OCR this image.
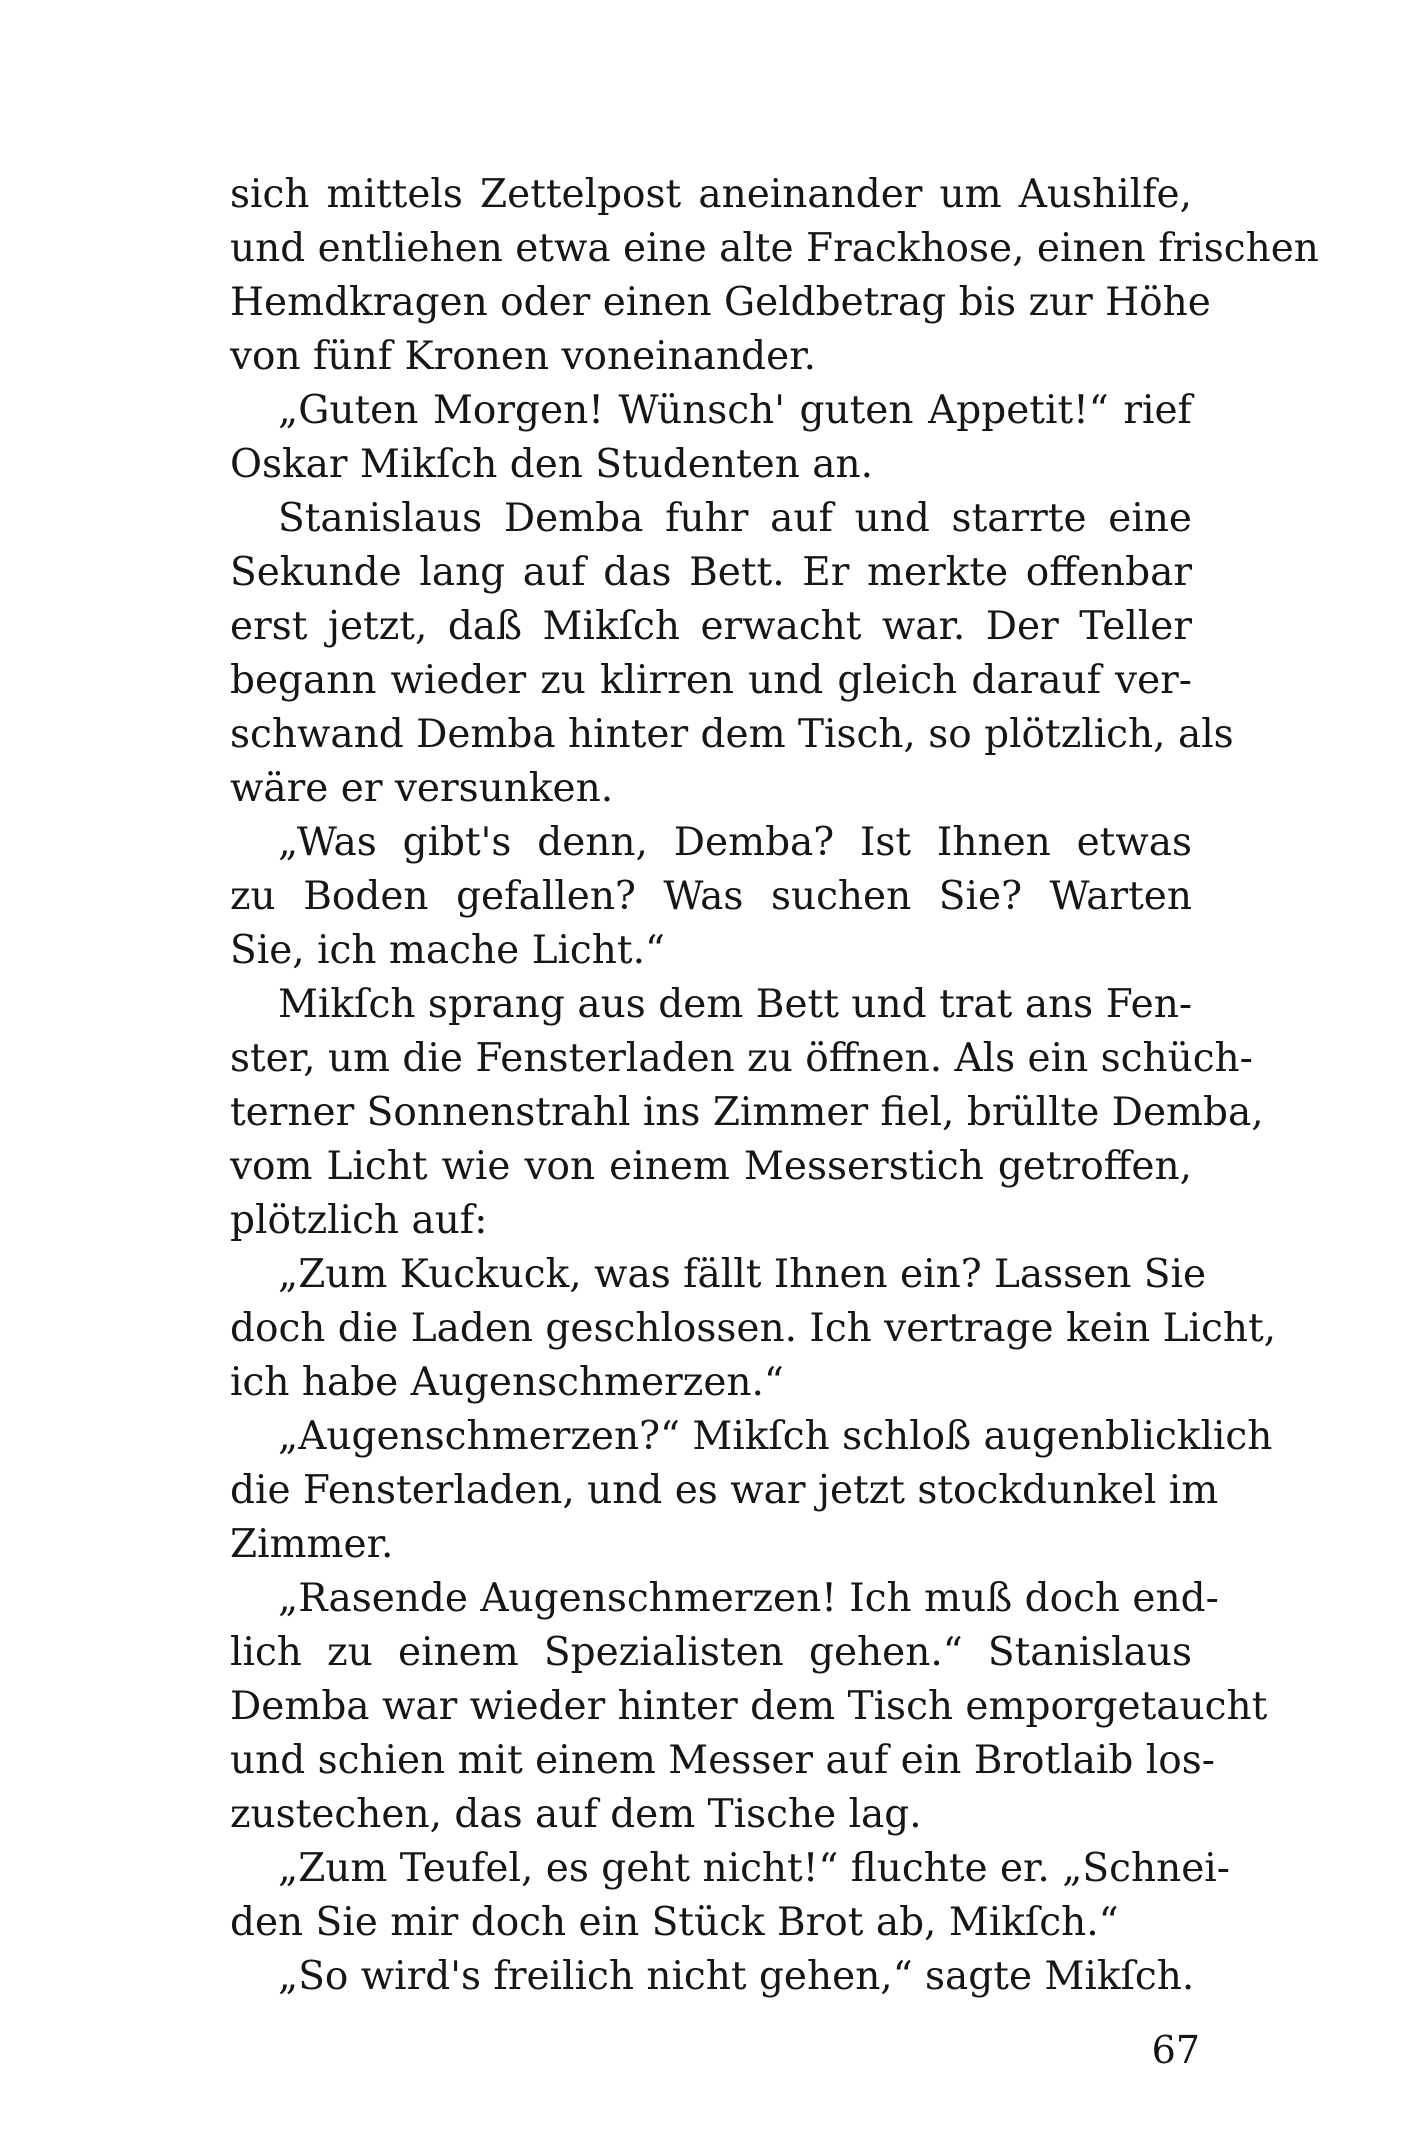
sich mittels Zettelpost aneinander um Aushilfe,
und entliehen etwa eine alte Frackhose, einen frischen
Hemdkragen oder einen Geldbetrag bis zur Höhe
von fünf Kronen voneinander.
„Guten Morgen! Wünsch' guten Appetit!“ rief
Oskar Mikſch den Studenten an.
Stanislaus Demba fuhr auf und starrte eine
Sekunde lang auf das Bett. Er merkte offenbar
erst jetzt, daß Mikſch erwacht war. Der Teller
begann wieder zu klirren und gleich darauf ver-
schwand Demba hinter dem Tisch, so plötzlich, als
wäre er versunken.
„Was gibt's denn, Demba? Ist Ihnen etwas
zu Boden gefallen? Was suchen Sie? Warten
Sie, ich mache Licht.“
Mikſch sprang aus dem Bett und trat ans Fen-
ster, um die Fensterladen zu öffnen. Als ein schüch-
terner Sonnenstrahl ins Zimmer fiel, brüllte Demba,
vom Licht wie von einem Messerstich getroffen,
plötzlich auf:
„Zum Kuckuck, was fällt Ihnen ein? Lassen Sie
doch die Laden geschlossen. Ich vertrage kein Licht,
ich habe Augenschmerzen.“
„Augenschmerzen?“ Mikſch schloß augenblicklich
die Fensterladen, und es war jetzt stockdunkel im
Zimmer.
„Rasende Augenschmerzen! Ich muß doch end-
lich zu einem Spezialisten gehen.“ Stanislaus
Demba war wieder hinter dem Tisch emporgetaucht
und schien mit einem Messer auf ein Brotlaib los-
zustechen, das auf dem Tische lag.
„Zum Teufel, es geht nicht!“ fluchte er. „Schnei-
den Sie mir doch ein Stück Brot ab, Mikſch.“
„So wird's freilich nicht gehen,“ sagte Mikſch.
67
